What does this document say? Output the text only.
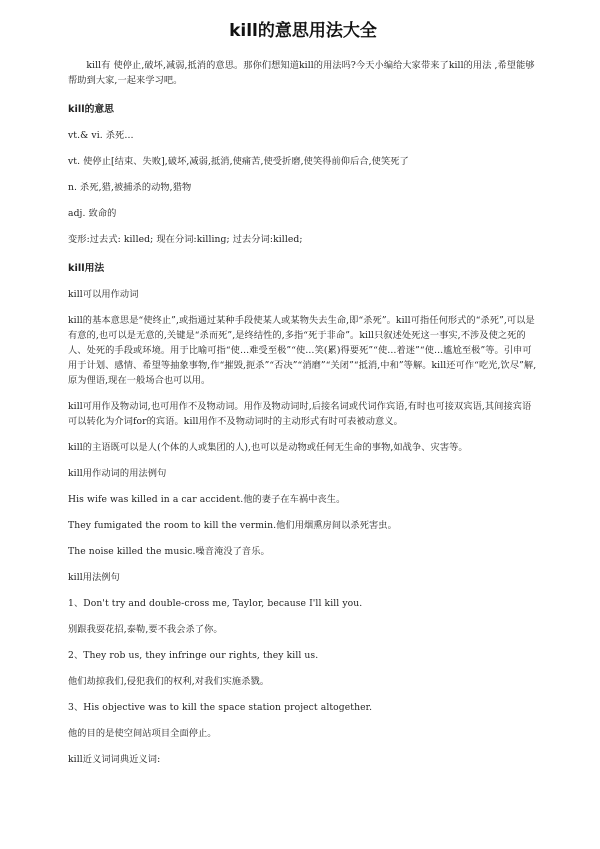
kill的意思用法大全

kill有 使停止,破坏,减弱,抵消的意思。那你们想知道kill的用法吗?今天小编给大家带来了kill的用法 ,希望能够帮助到大家,一起来学习吧。

kill的意思

vt.& vi. 杀死…

vt. 使停止[结束、失败],破坏,减弱,抵消,使痛苦,使受折磨,使笑得前仰后合,使笑死了

n. 杀死,猎,被捕杀的动物,猎物

adj. 致命的

变形:过去式: killed; 现在分词:killing; 过去分词:killed;

kill用法

kill可以用作动词

kill的基本意思是“使终止”,或指通过某种手段使某人或某物失去生命,即“杀死”。kill可指任何形式的“杀死”,可以是有意的,也可以是无意的,关键是“杀而死”,是终结性的,多指“死于非命”。kill只叙述处死这一事实,不涉及使之死的人、处死的手段或环境。用于比喻可指“使…难受至极”“使…笑(累)得要死”“使…着迷”“使…尴尬至极”等。引申可用于计划、感情、希望等抽象事物,作“摧毁,扼杀”“否决”“消磨”“关闭”“抵消,中和”等解。kill还可作“吃光,饮尽”解,原为俚语,现在一般场合也可以用。

kill可用作及物动词,也可用作不及物动词。用作及物动词时,后接名词或代词作宾语,有时也可接双宾语,其间接宾语可以转化为介词for的宾语。kill用作不及物动词时的主动形式有时可表被动意义。

kill的主语既可以是人(个体的人或集团的人),也可以是动物或任何无生命的事物,如战争、灾害等。

kill用作动词的用法例句

His wife was killed in a car accident.他的妻子在车祸中丧生。

They fumigated the room to kill the vermin.他们用烟熏房间以杀死害虫。

The noise killed the music.噪音淹没了音乐。

kill用法例句

1、Don't try and double-cross me, Taylor, because I'll kill you.

别跟我耍花招,泰勒,要不我会杀了你。

2、They rob us, they infringe our rights, they kill us.

他们劫掠我们,侵犯我们的权利,对我们实施杀戮。

3、His objective was to kill the space station project altogether.

他的目的是使空间站项目全面停止。

kill近义词词典近义词:
